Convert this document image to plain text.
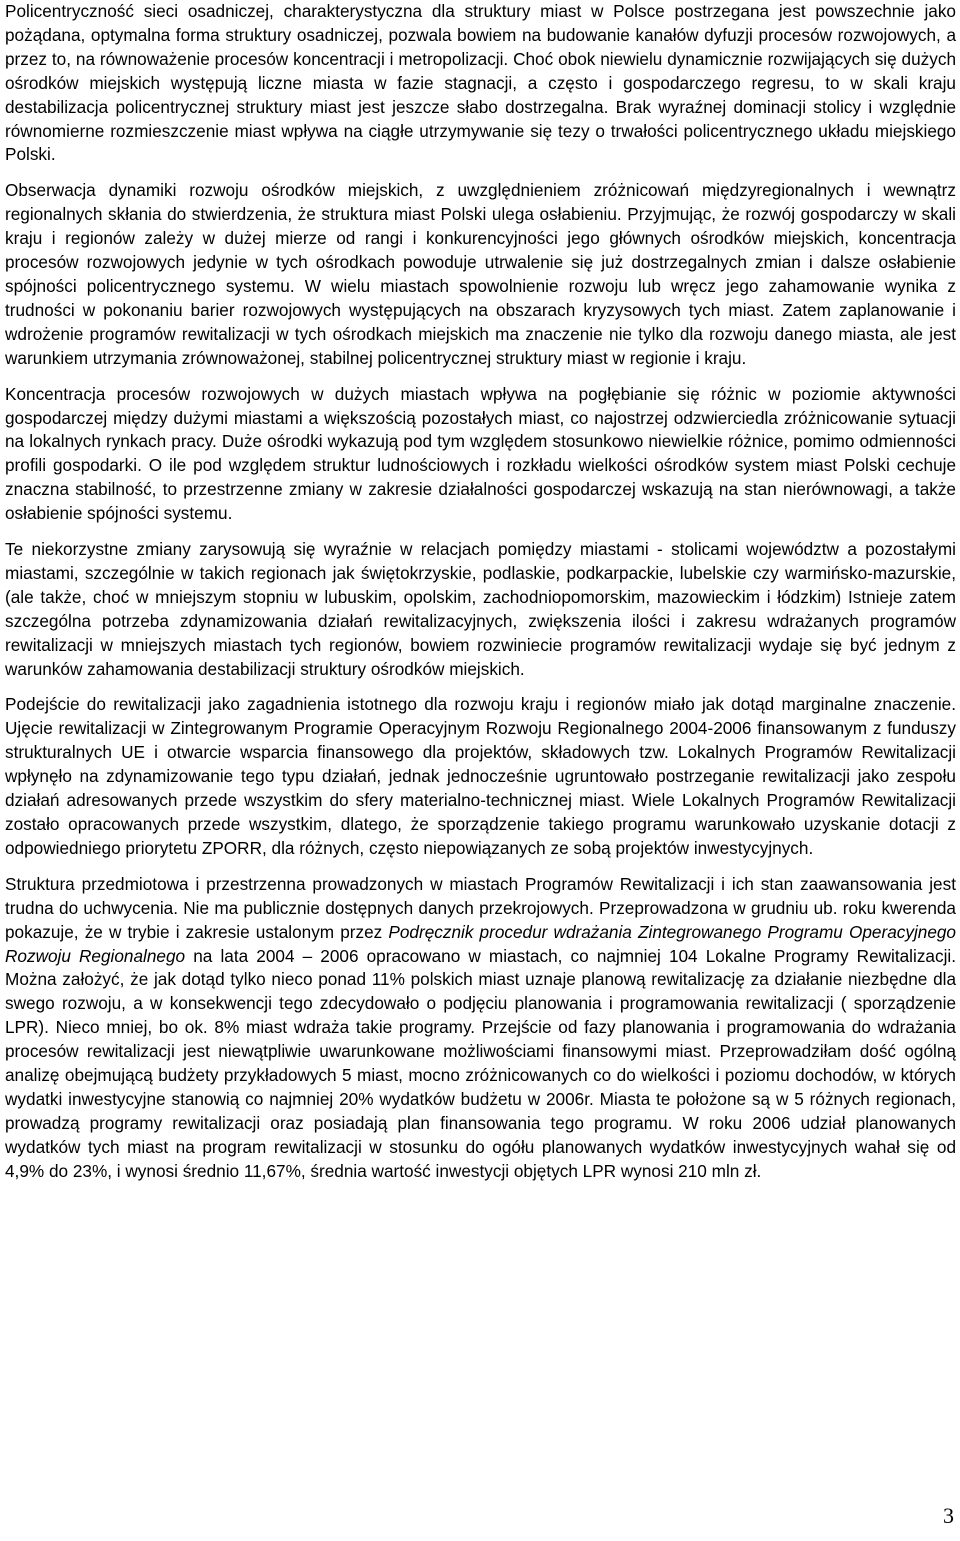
Policentryczność sieci osadniczej, charakterystyczna dla struktury miast w Polsce postrzegana jest powszechnie jako pożądana, optymalna forma struktury osadniczej, pozwala bowiem na budowanie kanałów dyfuzji procesów rozwojowych, a przez to, na równoważenie procesów koncentracji i metropolizacji. Choć obok niewielu dynamicznie rozwijających się dużych ośrodków miejskich występują liczne miasta w fazie stagnacji, a często i gospodarczego regresu, to w skali kraju destabilizacja policentrycznej struktury miast jest jeszcze słabo dostrzegalna. Brak wyraźnej dominacji stolicy i względnie równomierne rozmieszczenie miast wpływa na ciągłe utrzymywanie się tezy o trwałości policentrycznego układu miejskiego Polski.

Obserwacja dynamiki rozwoju ośrodków miejskich, z uwzględnieniem zróżnicowań międzyregionalnych i wewnątrz regionalnych skłania do stwierdzenia, że struktura miast Polski ulega osłabieniu. Przyjmując, że rozwój gospodarczy w skali kraju i regionów zależy w dużej mierze od rangi i konkurencyjności jego głównych ośrodków miejskich, koncentracja procesów rozwojowych jedynie w tych ośrodkach powoduje utrwalenie się już dostrzegalnych zmian i dalsze osłabienie spójności policentrycznego systemu. W wielu miastach spowolnienie rozwoju lub wręcz jego zahamowanie wynika z trudności w pokonaniu barier rozwojowych występujących na obszarach kryzysowych tych miast. Zatem zaplanowanie i wdrożenie programów rewitalizacji w tych ośrodkach miejskich ma znaczenie nie tylko dla rozwoju danego miasta, ale jest warunkiem utrzymania zrównoważonej, stabilnej policentrycznej struktury miast w regionie i kraju.

Koncentracja procesów rozwojowych w dużych miastach wpływa na pogłębianie się różnic w poziomie aktywności gospodarczej między dużymi miastami a większością pozostałych miast, co najostrzej odzwierciedla zróżnicowanie sytuacji na lokalnych rynkach pracy. Duże ośrodki wykazują pod tym względem stosunkowo niewielkie różnice, pomimo odmienności profili gospodarki. O ile pod względem struktur ludnościowych i rozkładu wielkości ośrodków system miast Polski cechuje znaczna stabilność, to przestrzenne zmiany w zakresie działalności gospodarczej wskazują na stan nierównowagi, a także osłabienie spójności systemu.

Te niekorzystne zmiany zarysowują się wyraźnie w relacjach pomiędzy miastami - stolicami województw a pozostałymi miastami, szczególnie w takich regionach jak świętokrzyskie, podlaskie, podkarpackie, lubelskie czy warmińsko-mazurskie, (ale także, choć w mniejszym stopniu w lubuskim, opolskim, zachodniopomorskim, mazowieckim i łódzkim) Istnieje zatem szczególna potrzeba zdynamizowania działań rewitalizacyjnych, zwiększenia ilości i zakresu wdrażanych programów rewitalizacji w mniejszych miastach tych regionów, bowiem rozwiniecie programów rewitalizacji wydaje się być jednym z warunków zahamowania destabilizacji struktury ośrodków miejskich.

Podejście do rewitalizacji jako zagadnienia istotnego dla rozwoju kraju i regionów miało jak dotąd marginalne znaczenie. Ujęcie rewitalizacji w Zintegrowanym Programie Operacyjnym Rozwoju Regionalnego 2004-2006 finansowanym z funduszy strukturalnych UE i otwarcie wsparcia finansowego dla projektów, składowych tzw. Lokalnych Programów Rewitalizacji wpłynęło na zdynamizowanie tego typu działań, jednak jednocześnie ugruntowało postrzeganie rewitalizacji jako zespołu działań adresowanych przede wszystkim do sfery materialno-technicznej miast. Wiele Lokalnych Programów Rewitalizacji zostało opracowanych przede wszystkim, dlatego, że sporządzenie takiego programu warunkowało uzyskanie dotacji z odpowiedniego priorytetu ZPORR, dla różnych, często niepowiązanych ze sobą projektów inwestycyjnych.

Struktura przedmiotowa i przestrzenna prowadzonych w miastach Programów Rewitalizacji i ich stan zaawansowania jest trudna do uchwycenia. Nie ma publicznie dostępnych danych przekrojowych. Przeprowadzona w grudniu ub. roku kwerenda pokazuje, że w trybie i zakresie ustalonym przez Podręcznik procedur wdrażania Zintegrowanego Programu Operacyjnego Rozwoju Regionalnego na lata 2004 – 2006 opracowano w miastach, co najmniej 104 Lokalne Programy Rewitalizacji. Można założyć, że jak dotąd tylko nieco ponad 11% polskich miast uznaje planową rewitalizację za działanie niezbędne dla swego rozwoju, a w konsekwencji tego zdecydowało o podjęciu planowania i programowania rewitalizacji ( sporządzenie LPR). Nieco mniej, bo ok. 8% miast wdraża takie programy. Przejście od fazy planowania i programowania do wdrażania procesów rewitalizacji jest niewątpliwie uwarunkowane możliwościami finansowymi miast. Przeprowadziłam dość ogólną analizę obejmującą budżety przykładowych 5 miast, mocno zróżnicowanych co do wielkości i poziomu dochodów, w których wydatki inwestycyjne stanowią co najmniej 20% wydatków budżetu w 2006r. Miasta te położone są w 5 różnych regionach, prowadzą programy rewitalizacji oraz posiadają plan finansowania tego programu. W roku 2006 udział planowanych wydatków tych miast na program rewitalizacji w stosunku do ogółu planowanych wydatków inwestycyjnych wahał się od 4,9% do 23%, i wynosi średnio 11,67%, średnia wartość inwestycji objętych LPR wynosi 210 mln zł.

3
